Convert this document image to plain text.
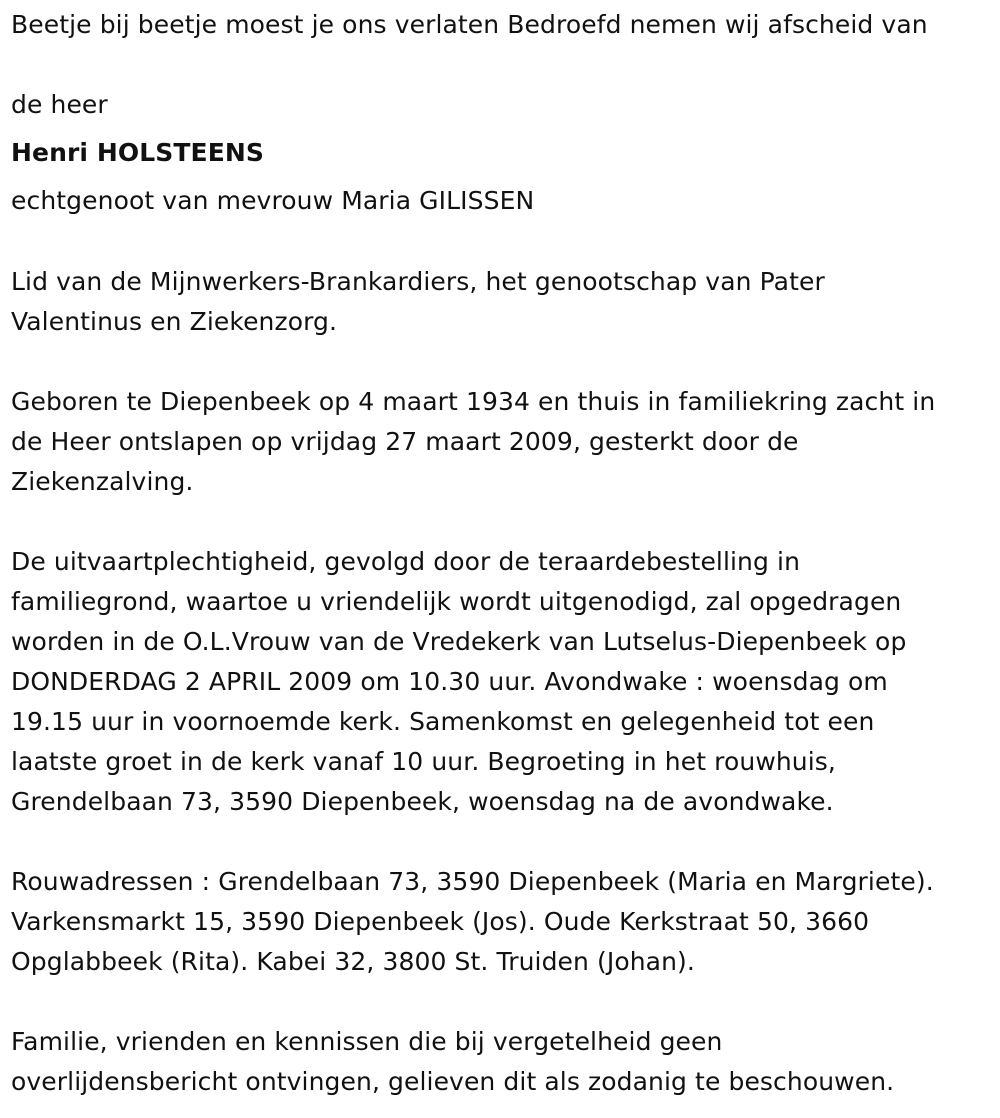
Beetje bij beetje moest je ons verlaten Bedroefd nemen wij afscheid van
de heer
Henri HOLSTEENS
echtgenoot van mevrouw Maria GILISSEN
Lid van de Mijnwerkers-Brankardiers, het genootschap van Pater
Valentinus en Ziekenzorg.
Geboren te Diepenbeek op 4 maart 1934 en thuis in familiekring zacht in
de Heer ontslapen op vrijdag 27 maart 2009, gesterkt door de
Ziekenzalving.
De uitvaartplechtigheid, gevolgd door de teraardebestelling in
familiegrond, waartoe u vriendelijk wordt uitgenodigd, zal opgedragen
worden in de O.L.Vrouw van de Vredekerk van Lutselus-Diepenbeek op
DONDERDAG 2 APRIL 2009 om 10.30 uur. Avondwake : woensdag om
19.15 uur in voornoemde kerk. Samenkomst en gelegenheid tot een
laatste groet in de kerk vanaf 10 uur. Begroeting in het rouwhuis,
Grendelbaan 73, 3590 Diepenbeek, woensdag na de avondwake.
Rouwadressen : Grendelbaan 73, 3590 Diepenbeek (Maria en Margriete).
Varkensmarkt 15, 3590 Diepenbeek (Jos). Oude Kerkstraat 50, 3660
Opglabbeek (Rita). Kabei 32, 3800 St. Truiden (Johan).
Familie, vrienden en kennissen die bij vergetelheid geen
overlijdensbericht ontvingen, gelieven dit als zodanig te beschouwen.
